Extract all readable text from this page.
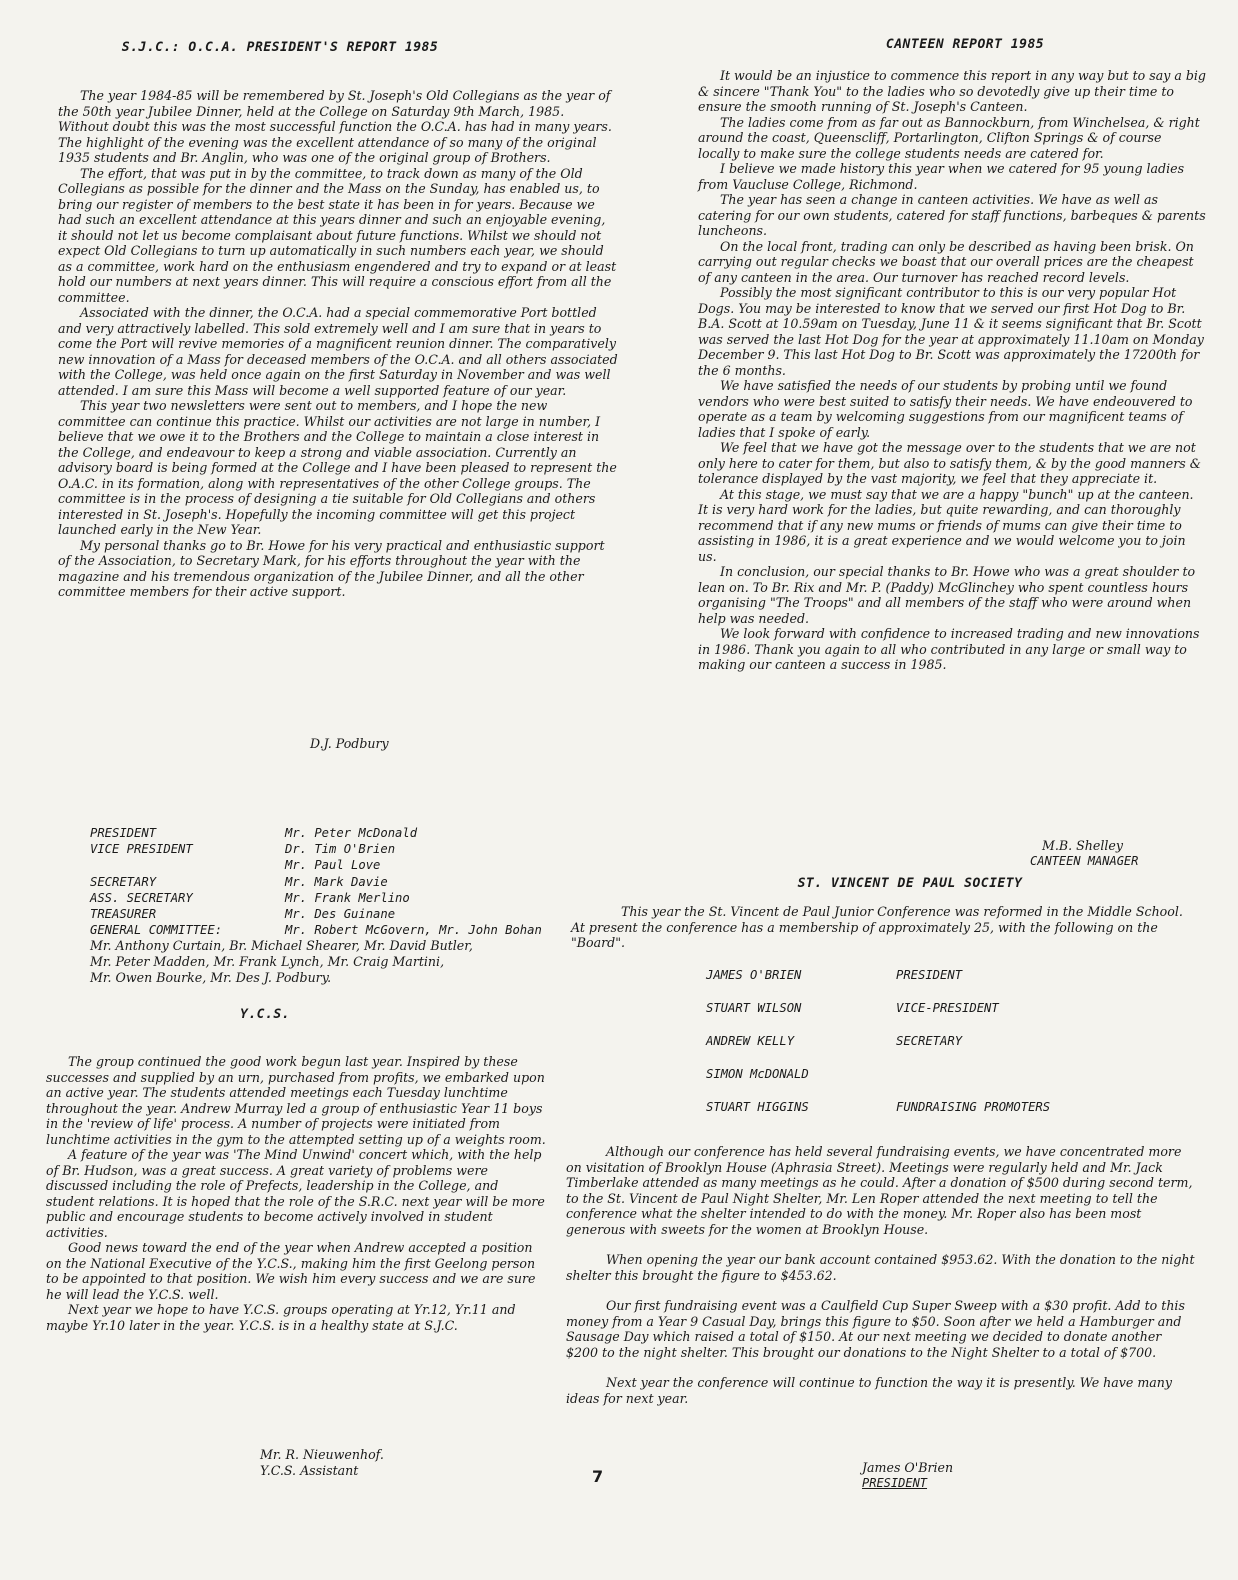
S.J.C.: O.C.A. PRESIDENT'S REPORT 1985

The year 1984-85 will be remembered by St. Joseph's Old Collegians as the year of the 50th year Jubilee Dinner, held at the College on Saturday 9th March, 1985. Without doubt this was the most successful function the O.C.A. has had in many years. The highlight of the evening was the excellent attendance of so many of the original 1935 students and Br. Anglin, who was one of the original group of Brothers.

The effort, that was put in by the committee, to track down as many of the Old Collegians as possible for the dinner and the Mass on the Sunday, has enabled us, to bring our register of members to the best state it has been in for years. Because we had such an excellent attendance at this years dinner and such an enjoyable evening, it should not let us become complaisant about future functions. Whilst we should not expect Old Collegians to turn up automatically in such numbers each year, we should as a committee, work hard on the enthusiasm engendered and try to expand or at least hold our numbers at next years dinner. This will require a conscious effort from all the committee.

Associated with the dinner, the O.C.A. had a special commemorative Port bottled and very attractively labelled. This sold extremely well and I am sure that in years to come the Port will revive memories of a magnificent reunion dinner. The comparatively new innovation of a Mass for deceased members of the O.C.A. and all others associated with the College, was held once again on the first Saturday in November and was well attended. I am sure this Mass will become a well supported feature of our year.

This year two newsletters were sent out to members, and I hope the new committee can continue this practice. Whilst our activities are not large in number, I believe that we owe it to the Brothers and the College to maintain a close interest in the College, and endeavour to keep a strong and viable association. Currently an advisory board is being formed at the College and I have been pleased to represent the O.A.C. in its formation, along with representatives of the other College groups. The committee is in the process of designing a tie suitable for Old Collegians and others interested in St. Joseph's. Hopefully the incoming committee will get this project launched early in the New Year.

My personal thanks go to Br. Howe for his very practical and enthusiastic support of the Association, to Secretary Mark, for his efforts throughout the year with the magazine and his tremendous organization of the Jubilee Dinner, and all the other committee members for their active support.

D.J. Podbury
PRESIDENT	Mr. Peter McDonald
VICE PRESIDENT	Dr. Tim O'Brien
Mr. Paul Love
SECRETARY	Mr. Mark Davie
ASS. SECRETARY	Mr. Frank Merlino
TREASURER	Mr. Des Guinane
GENERAL COMMITTEE:	Mr. Robert McGovern, Mr. John Bohan
Mr. Anthony Curtain, Br. Michael Shearer, Mr. David Butler,
Mr. Peter Madden, Mr. Frank Lynch, Mr. Craig Martini,
Mr. Owen Bourke, Mr. Des J. Podbury.
Y.C.S.

The group continued the good work begun last year. Inspired by these successes and supplied by an urn, purchased from profits, we embarked upon an active year. The students attended meetings each Tuesday lunchtime throughout the year. Andrew Murray led a group of enthusiastic Year 11 boys in the 'review of life' process. A number of projects were initiated from lunchtime activities in the gym to the attempted setting up of a weights room.

A feature of the year was 'The Mind Unwind' concert which, with the help of Br. Hudson, was a great success. A great variety of problems were discussed including the role of Prefects, leadership in the College, and student relations. It is hoped that the role of the S.R.C. next year will be more public and encourage students to become actively involved in student activities.

Good news toward the end of the year when Andrew accepted a position on the National Executive of the Y.C.S., making him the first Geelong person to be appointed to that position. We wish him every success and we are sure he will lead the Y.C.S. well.

Next year we hope to have Y.C.S. groups operating at Yr.12, Yr.11 and maybe Yr.10 later in the year. Y.C.S. is in a healthy state at S.J.C.

Mr. R. Nieuwenhof.
Y.C.S. Assistant
CANTEEN REPORT 1985

It would be an injustice to commence this report in any way but to say a big & sincere "Thank You" to the ladies who so devotedly give up their time to ensure the smooth running of St. Joseph's Canteen.

The ladies come from as far out as Bannockburn, from Winchelsea, & right around the coast, Queenscliff, Portarlington, Clifton Springs & of course locally to make sure the college students needs are catered for.

I believe we made history this year when we catered for 95 young ladies from Vaucluse College, Richmond.

The year has seen a change in canteen activities. We have as well as catering for our own students, catered for staff functions, barbeques & parents luncheons.

On the local front, trading can only be described as having been brisk. On carrying out regular checks we boast that our overall prices are the cheapest of any canteen in the area. Our turnover has reached record levels.

Possibly the most significant contributor to this is our very popular Hot Dogs. You may be interested to know that we served our first Hot Dog to Br. B.A. Scott at 10.59am on Tuesday, June 11 & it seems significant that Br. Scott was served the last Hot Dog for the year at approximately 11.10am on Monday December 9. This last Hot Dog to Br. Scott was approximately the 17200th for the 6 months.

We have satisfied the needs of our students by probing until we found vendors who were best suited to satisfy their needs. We have endeouvered to operate as a team by welcoming suggestions from our magnificent teams of ladies that I spoke of early.

We feel that we have got the message over to the students that we are not only here to cater for them, but also to satisfy them, & by the good manners & tolerance displayed by the vast majority, we feel that they appreciate it.

At this stage, we must say that we are a happy "bunch" up at the canteen. It is very hard work for the ladies, but quite rewarding, and can thoroughly recommend that if any new mums or friends of mums can give their time to assisting in 1986, it is a great experience and we would welcome you to join us.

In conclusion, our special thanks to Br. Howe who was a great shoulder to lean on. To Br. Rix and Mr. P. (Paddy) McGlinchey who spent countless hours organising "The Troops" and all members of the staff who were around when help was needed.

We look forward with confidence to increased trading and new innovations in 1986. Thank you again to all who contributed in any large or small way to making our canteen a success in 1985.

M.B. Shelley
CANTEEN MANAGER
ST. VINCENT DE PAUL SOCIETY

This year the St. Vincent de Paul Junior Conference was reformed in the Middle School. At present the conference has a membership of approximately 25, with the following on the "Board".

JAMES O'BRIEN	PRESIDENT
STUART WILSON	VICE-PRESIDENT
ANDREW KELLY	SECRETARY
SIMON McDONALD
STUART HIGGINS	FUNDRAISING PROMOTERS

Although our conference has held several fundraising events, we have concentrated more on visitation of Brooklyn House (Aphrasia Street). Meetings were regularly held and Mr. Jack Timberlake attended as many meetings as he could. After a donation of $500 during second term, to the St. Vincent de Paul Night Shelter, Mr. Len Roper attended the next meeting to tell the conference what the shelter intended to do with the money. Mr. Roper also has been most generous with sweets for the women at Brooklyn House.

When opening the year our bank account contained $953.62. With the donation to the night shelter this brought the figure to $453.62.

Our first fundraising event was a Caulfield Cup Super Sweep with a $30 profit. Add to this money from a Year 9 Casual Day, brings this figure to $50. Soon after we held a Hamburger and Sausage Day which raised a total of $150. At our next meeting we decided to donate another $200 to the night shelter. This brought our donations to the Night Shelter to a total of $700.

Next year the conference will continue to function the way it is presently. We have many ideas for next year.

James O'Brien
PRESIDENT
7
